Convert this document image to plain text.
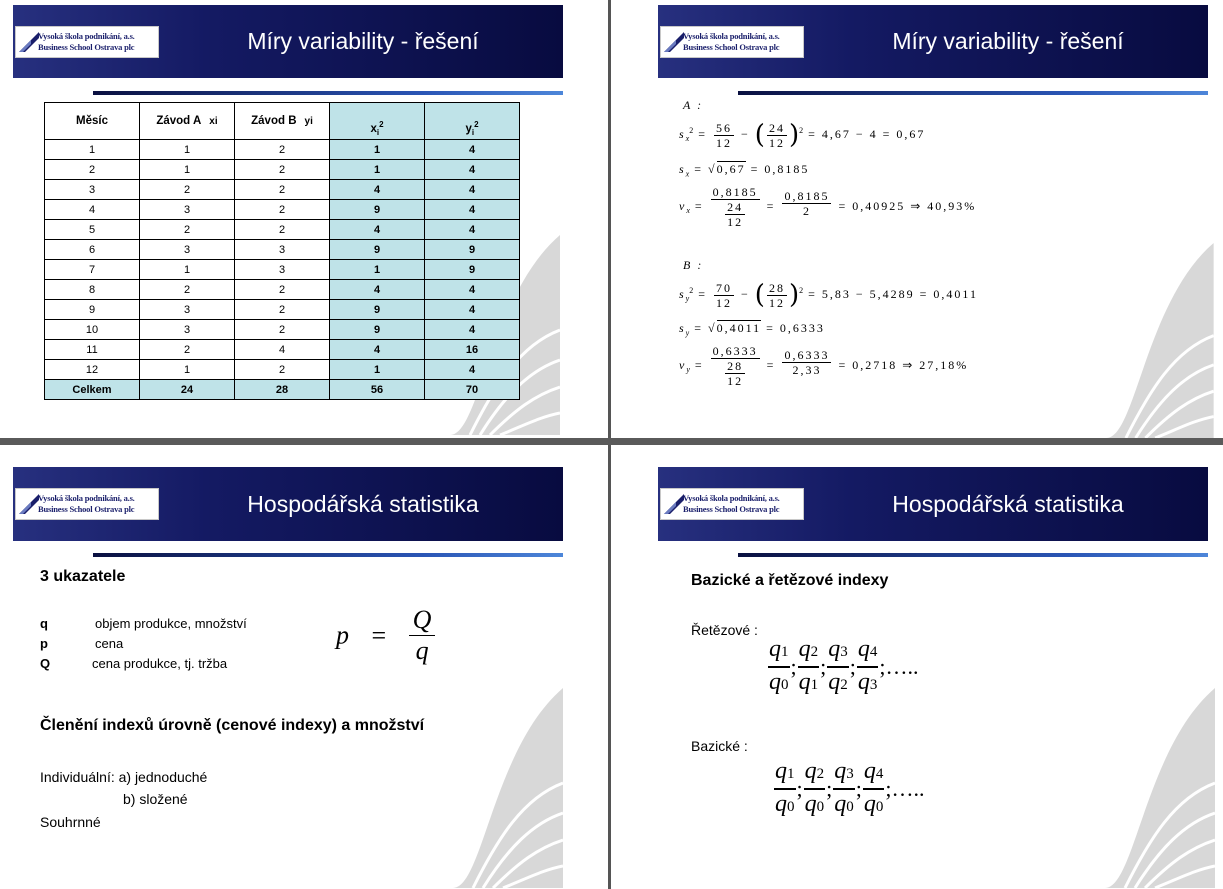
Vysoká škola podnikání, a.s.
Business School Ostrava plc	Míry variability - řešení
Měsíc	Závod A xi	Závod B yi	$x_i^2$	$y_i^2$
1	1	2	1	4
2	1	2	1	4
3	2	2	4	4
4	3	2	9	4
5	2	2	4	4
6	3	3	9	9
7	1	3	1	9
8	2	2	4	4
9	3	2	9	4
10	3	2	9	4
11	2	4	4	16
12	1	2	1	4
Celkem	24	28	56	70
Vysoká škola podnikání, a.s.
Business School Ostrava plc	Míry variability - řešení
A :
$s_x^2 = \frac{56}{12}$ − ( $\frac{24}{12} )^2 = 4,67 - 4 = 0,67$
$s_x = √0,67 = 0,8185$
$v_x = \frac{0,8185}{\frac{24}{12}} = \frac{0,8185}{2} = 0,40925$ ⇒ 40,93%
B :
$s_y^2 = \frac{70}{12}$ − ( $\frac{28}{12} )^2 = 5,83 - 5,4289 = 0,4011$
$s_y = √0,4011 = 0,6333$
$v_y = \frac{0,6333}{\frac{28}{12}} = \frac{0,6333}{2,33} = 0,2718$ ⇒ 27,18%
Vysoká škola podnikání, a.s.
Business School Ostrava plc	Hospodářská statistika
3 ukazatele
q	objem produkce, množství
p	cena
Q	cena produkce, tj. tržba
$p = \frac{Q}{q}$
Členění indexů úrovně (cenové indexy) a množství
Individuální: a) jednoduché
b) složené
Souhrnné
Vysoká škola podnikání, a.s.
Business School Ostrava plc	Hospodářská statistika
Bazické a řetězové indexy
Řetězové :
$\frac{q1}{q0}$ ; $\frac{q2}{q1}$ ; $\frac{q3}{q2}$ ; $\frac{q4}{q3}$ ;…..
Bazické :
$\frac{q1}{q0}$ ; $\frac{q2}{q0}$ ; $\frac{q3}{q0}$ ; $\frac{q4}{q0}$ ;…..
